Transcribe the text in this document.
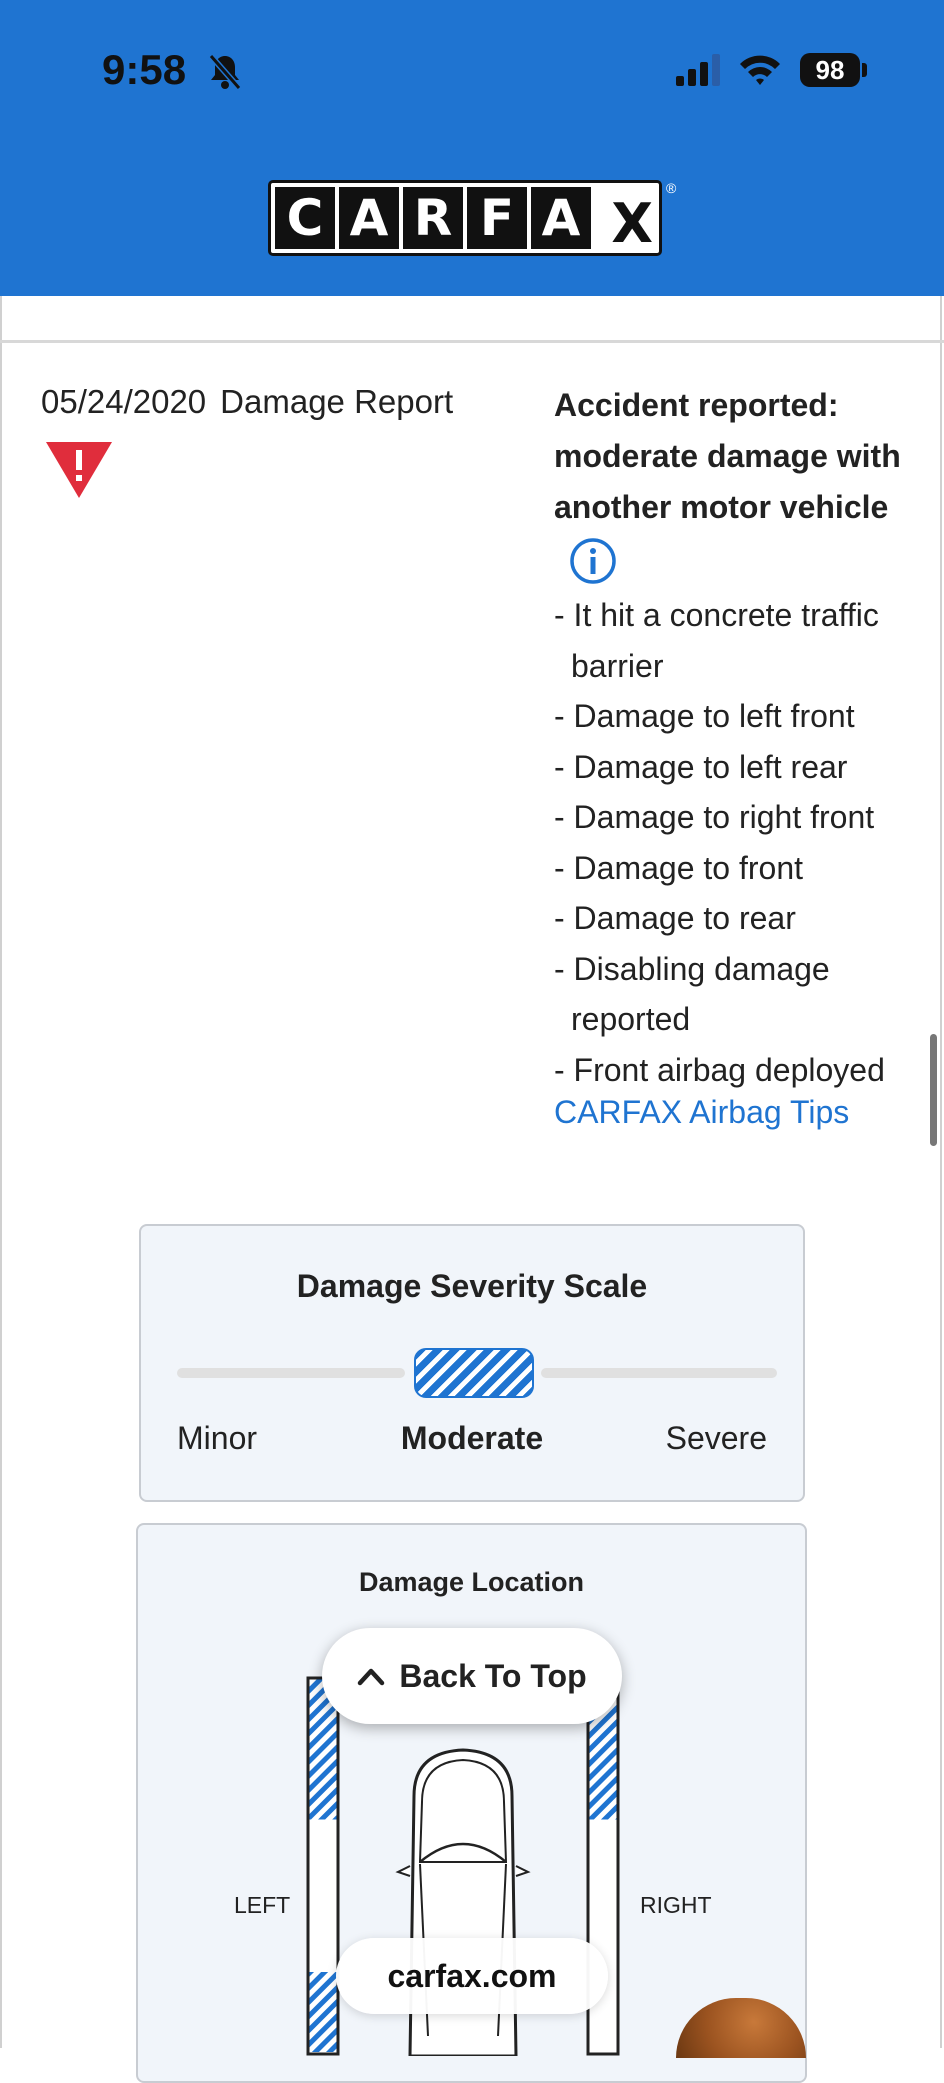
9:58	98
C A R F A X
®
05/24/2020 Damage Report	Accident reported: moderate damage with another motor vehicle
- It hit a concrete traffic barrier
- Damage to left front
- Damage to left rear
- Damage to right front
- Damage to front
- Damage to rear
- Disabling damage reported
- Front airbag deployed
CARFAX Airbag Tips
Damage Severity Scale
Minor	Moderate	Severe
Damage Location
LEFT	RIGHT
Back To Top
carfax.com
